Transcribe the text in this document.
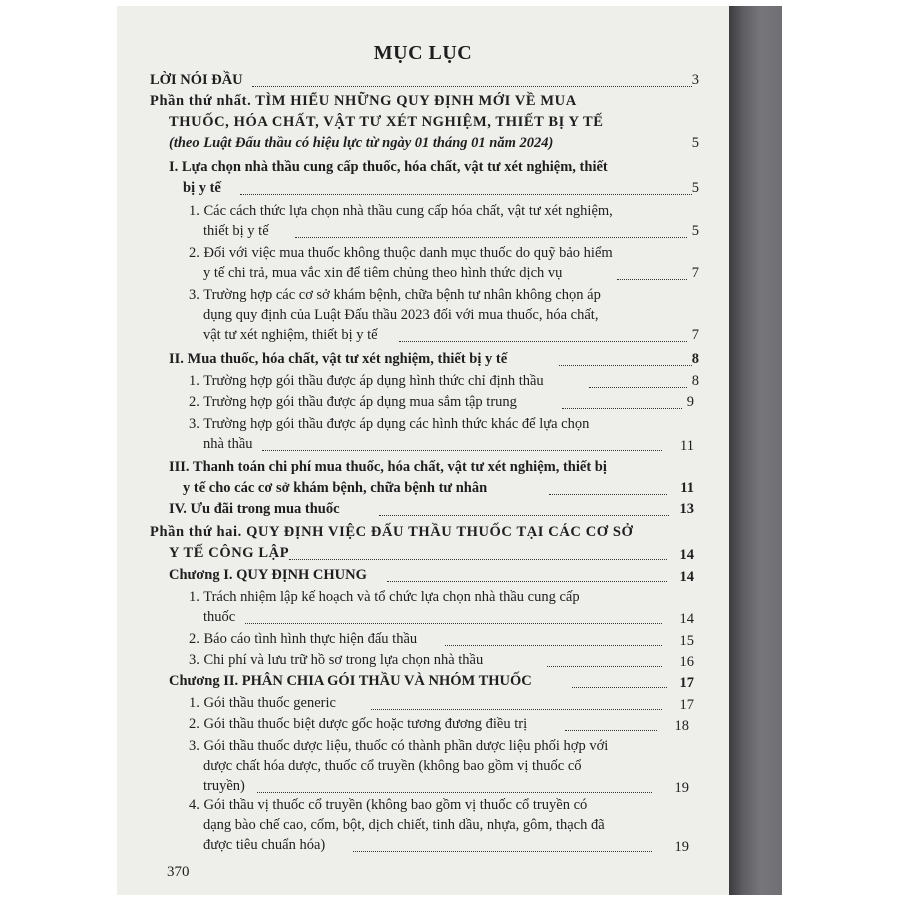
MỤC LỤC
LỜI NÓI ĐẦU	3
Phần thứ nhất. TÌM HIỂU NHỮNG QUY ĐỊNH MỚI VỀ MUA
THUỐC, HÓA CHẤT, VẬT TƯ XÉT NGHIỆM, THIẾT BỊ Y TẾ
(theo Luật Đấu thầu có hiệu lực từ ngày 01 tháng 01 năm 2024)	5
I. Lựa chọn nhà thầu cung cấp thuốc, hóa chất, vật tư xét nghiệm, thiết
bị y tế	5
1. Các cách thức lựa chọn nhà thầu cung cấp hóa chất, vật tư xét nghiệm,
thiết bị y tế	5
2. Đối với việc mua thuốc không thuộc danh mục thuốc do quỹ bảo hiểm
y tế chi trả, mua vắc xin để tiêm chủng theo hình thức dịch vụ	7
3. Trường hợp các cơ sở khám bệnh, chữa bệnh tư nhân không chọn áp
dụng quy định của Luật Đấu thầu 2023 đối với mua thuốc, hóa chất,
vật tư xét nghiệm, thiết bị y tế	7
II. Mua thuốc, hóa chất, vật tư xét nghiệm, thiết bị y tế	8
1. Trường hợp gói thầu được áp dụng hình thức chỉ định thầu	8
2. Trường hợp gói thầu được áp dụng mua sắm tập trung	9
3. Trường hợp gói thầu được áp dụng các hình thức khác để lựa chọn
nhà thầu	11
III. Thanh toán chi phí mua thuốc, hóa chất, vật tư xét nghiệm, thiết bị
y tế cho các cơ sở khám bệnh, chữa bệnh tư nhân	11
IV. Ưu đãi trong mua thuốc	13
Phần thứ hai. QUY ĐỊNH VIỆC ĐẤU THẦU THUỐC TẠI CÁC CƠ SỞ
Y TẾ CÔNG LẬP	14
Chương I. QUY ĐỊNH CHUNG	14
1. Trách nhiệm lập kế hoạch và tổ chức lựa chọn nhà thầu cung cấp
thuốc	14
2. Báo cáo tình hình thực hiện đấu thầu	15
3. Chi phí và lưu trữ hồ sơ trong lựa chọn nhà thầu	16
Chương II. PHÂN CHIA GÓI THẦU VÀ NHÓM THUỐC	17
1. Gói thầu thuốc generic	17
2. Gói thầu thuốc biệt dược gốc hoặc tương đương điều trị	18
3. Gói thầu thuốc dược liệu, thuốc có thành phần dược liệu phối hợp với
dược chất hóa dược, thuốc cổ truyền (không bao gồm vị thuốc cổ
truyền)	19
4. Gói thầu vị thuốc cổ truyền (không bao gồm vị thuốc cổ truyền có
dạng bào chế cao, cốm, bột, dịch chiết, tinh dầu, nhựa, gôm, thạch đã
được tiêu chuẩn hóa)	19
370
